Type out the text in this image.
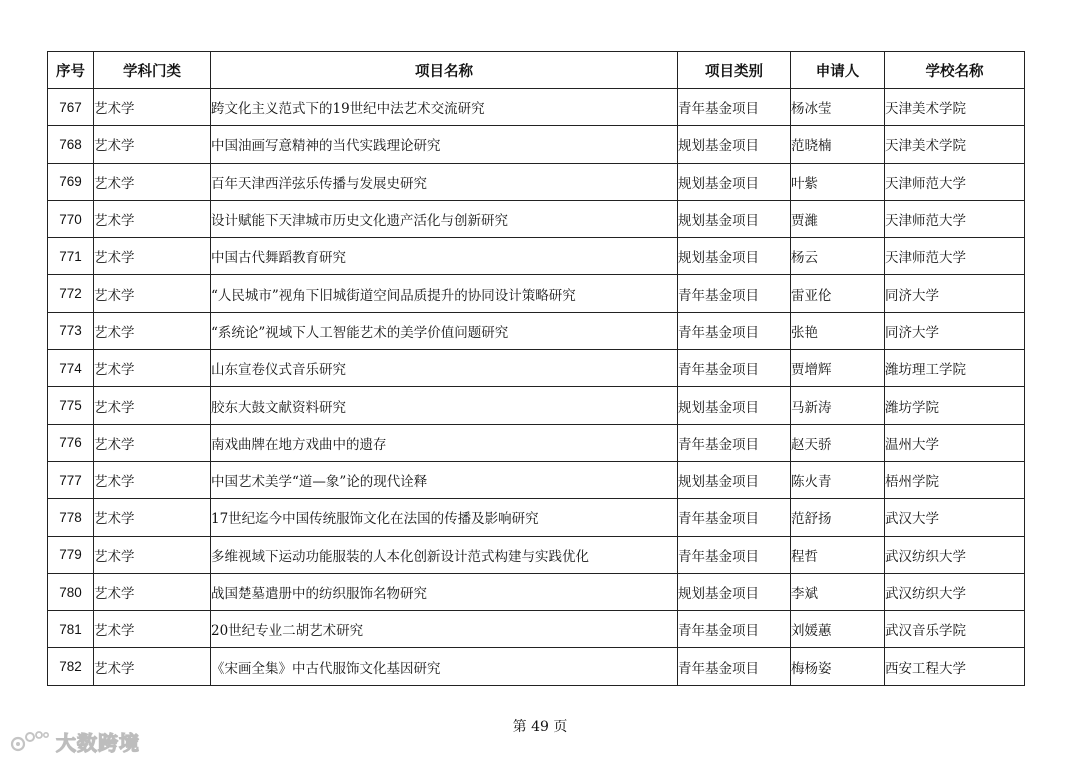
序号	学科门类	项目名称	项目类别	申请人	学校名称
767	艺术学	跨文化主义范式下的19世纪中法艺术交流研究	青年基金项目	杨冰莹	天津美术学院
768	艺术学	中国油画写意精神的当代实践理论研究	规划基金项目	范晓楠	天津美术学院
769	艺术学	百年天津西洋弦乐传播与发展史研究	规划基金项目	叶紫	天津师范大学
770	艺术学	设计赋能下天津城市历史文化遗产活化与创新研究	规划基金项目	贾濰	天津师范大学
771	艺术学	中国古代舞蹈教育研究	规划基金项目	杨云	天津师范大学
772	艺术学	“人民城市”视角下旧城街道空间品质提升的协同设计策略研究	青年基金项目	雷亚伦	同济大学
773	艺术学	“系统论”视域下人工智能艺术的美学价值问题研究	青年基金项目	张艳	同济大学
774	艺术学	山东宣卷仪式音乐研究	青年基金项目	贾增辉	潍坊理工学院
775	艺术学	胶东大鼓文献资料研究	规划基金项目	马新涛	潍坊学院
776	艺术学	南戏曲牌在地方戏曲中的遗存	青年基金项目	赵天骄	温州大学
777	艺术学	中国艺术美学“道—象”论的现代诠释	规划基金项目	陈火青	梧州学院
778	艺术学	17世纪迄今中国传统服饰文化在法国的传播及影响研究	青年基金项目	范舒扬	武汉大学
779	艺术学	多维视域下运动功能服装的人本化创新设计范式构建与实践优化	青年基金项目	程哲	武汉纺织大学
780	艺术学	战国楚墓遣册中的纺织服饰名物研究	规划基金项目	李斌	武汉纺织大学
781	艺术学	20世纪专业二胡艺术研究	青年基金项目	刘媛蕙	武汉音乐学院
782	艺术学	《宋画全集》中古代服饰文化基因研究	青年基金项目	梅杨姿	西安工程大学
第 49 页
大数跨境
